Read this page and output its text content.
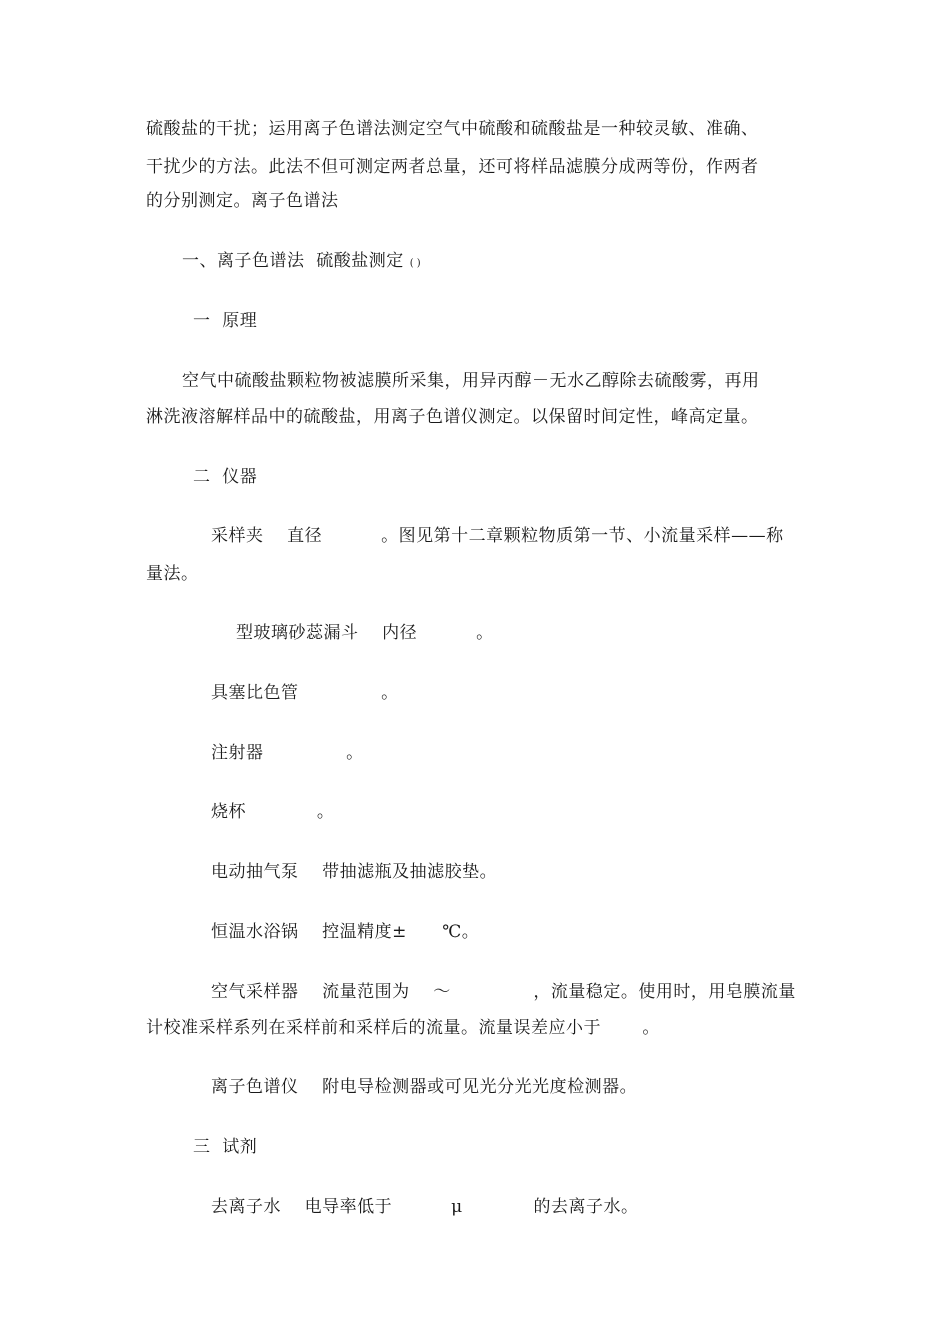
硫酸盐的干扰；运用离子色谱法测定空气中硫酸和硫酸盐是一种较灵敏、准确、
干扰少的方法。此法不但可测定两者总量，还可将样品滤膜分成两等份，作两者
的分别测定。离子色谱法
一、离子色谱法  硫酸盐测定 ( )
一  原理
空气中硫酸盐颗粒物被滤膜所采集，用异丙醇－无水乙醇除去硫酸雾，再用
淋洗液溶解样品中的硫酸盐，用离子色谱仪测定。以保留时间定性，峰高定量。
二  仪器
采样夹    直径          。图见第十二章颗粒物质第一节、小流量采样——称
量法。
型玻璃砂蕊漏斗    内径          。
具塞比色管              。
注射器              。
烧杯            。
电动抽气泵    带抽滤瓶及抽滤胶垫。
恒温水浴锅    控温精度±      ℃。
空气采样器    流量范围为    ～              ，流量稳定。使用时，用皂膜流量
计校准采样系列在采样前和采样后的流量。流量误差应小于       。
离子色谱仪    附电导检测器或可见光分光光度检测器。
三  试剂
去离子水    电导率低于          μ            的去离子水。
